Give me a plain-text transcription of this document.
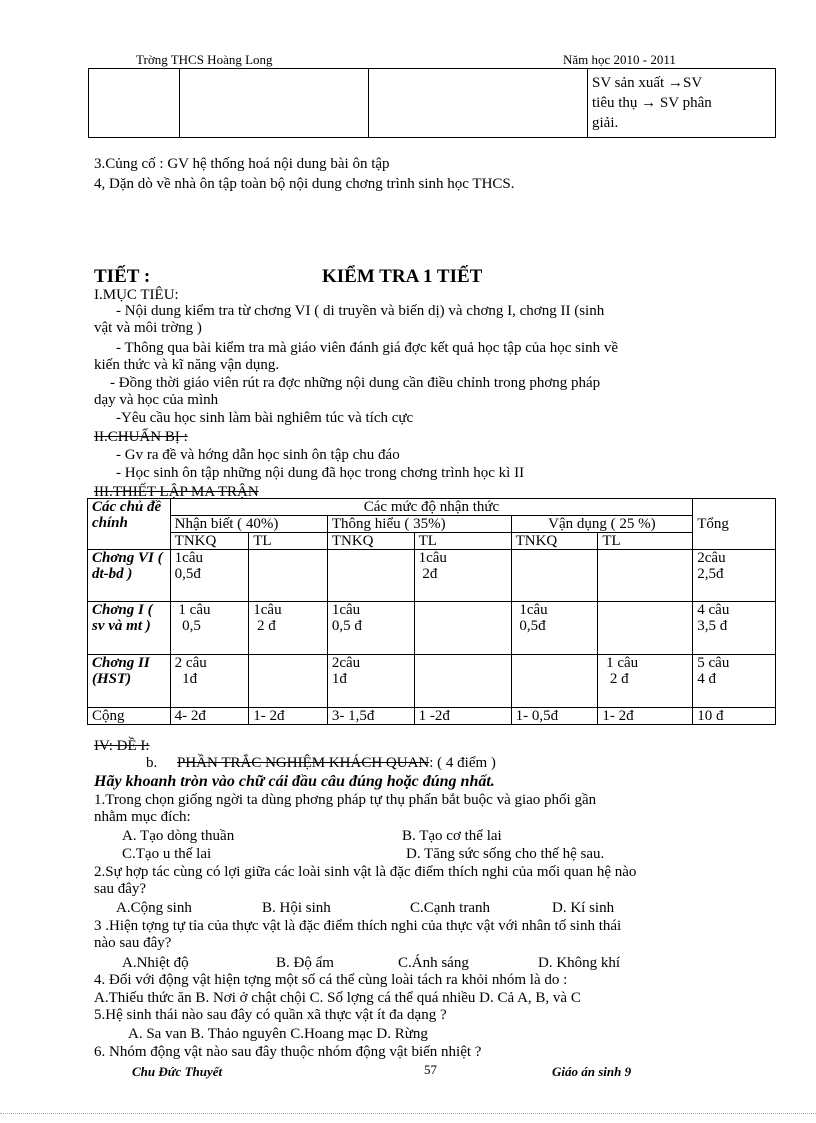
Trờng THCS Hoàng Long	Năm học 2010 - 2011

SV sản xuất →SV
tiêu thụ → SV phân
giải.
3.Củng cố : GV hệ thống hoá nội dung bài ôn tập
4, Dặn dò về nhà ôn tập toàn bộ nội dung chơng trình sinh học THCS.
TIẾT :	KIỂM TRA 1 TIẾT
I.MỤC TIÊU:
- Nội dung kiểm tra từ chơng VI ( di truyền và biến dị) và chơng I, chơng II (sinh
vật và môi trờng )
- Thông qua bài kiểm tra mà giáo viên đánh giá đợc kết quả học tập của học sinh về
kiến thức và kĩ năng vận dụng.
- Đồng thời giáo viên rút ra đợc những nội dung cần điều chỉnh trong phơng pháp
dạy và học của mình
-Yêu cầu học sinh làm bài nghiêm túc và tích cực
II.CHUẨN BỊ :
- Gv ra đề và hớng dẫn học sinh ôn tập chu đáo
- Học sinh ôn tập những nội dung đã học trong chơng trình học kì II
III.THIẾT LẬP MA TRẬN
Các chủ đề chính	Các mức độ nhận thức						Tổng
	Nhận biết ( 40%)		Thông hiểu ( 35%)		Vận dụng ( 25 %)		
	TNKQ	TL	TNKQ	TL	TNKQ	TL	
Chơng VI ( dt-bd )	1câu
0,5đ			1câu
2đ			2câu
2,5đ
Chơng I ( sv và mt )	1 câu
0,5	1câu
2 đ	1câu
0,5 đ		1câu
0,5đ		4 câu
3,5 đ
Chơng II (HST)	2 câu
1đ		2câu
1đ			1 câu
2 đ	5 câu
4 đ
Cộng	4- 2đ	1- 2đ	3- 1,5đ	1 -2đ	1- 0,5đ	1- 2đ	10 đ
IV: ĐỀ I:
b. PHẦN TRẮC NGHIỆM KHÁCH QUAN: ( 4 điểm )
Hãy khoanh tròn vào chữ cái đầu câu đúng hoặc đúng nhất.
1.Trong chọn giống ngời ta dùng phơng pháp tự thụ phấn bắt buộc và giao phối gần
nhằm mục đích:
A. Tạo dòng thuần	B. Tạo cơ thể lai
C.Tạo u thế lai	D. Tăng sức sống cho thế hệ sau.
2.Sự hợp tác cùng có lợi giữa các loài sinh vật là đặc điểm thích nghi của mối quan hệ nào
sau đây?
A.Cộng sinh	B. Hội sinh	C.Cạnh tranh	D. Kí sinh
3 .Hiện tợng tự tỉa của thực vật là đặc điểm thích nghi của thực vật với nhân tố sinh thái
nào sau đây?
A.Nhiệt độ	B. Độ ẩm	C.Ánh sáng	D. Không khí
4. Đối với động vật hiện tợng một số cá thể cùng loài tách ra khỏi nhóm là do :
A.Thiếu thức ăn B. Nơi ở chật chội C. Số lợng cá thể quá nhiều D. Cả A, B, và C
5.Hệ sinh thái nào sau đây có quần xã thực vật ít đa dạng ?
A. Sa van B. Thảo nguyên C.Hoang mạc D. Rừng
6. Nhóm động vật nào sau đây thuộc nhóm động vật biến nhiệt ?
Chu Đức Thuyết	57	Giáo án sinh 9
